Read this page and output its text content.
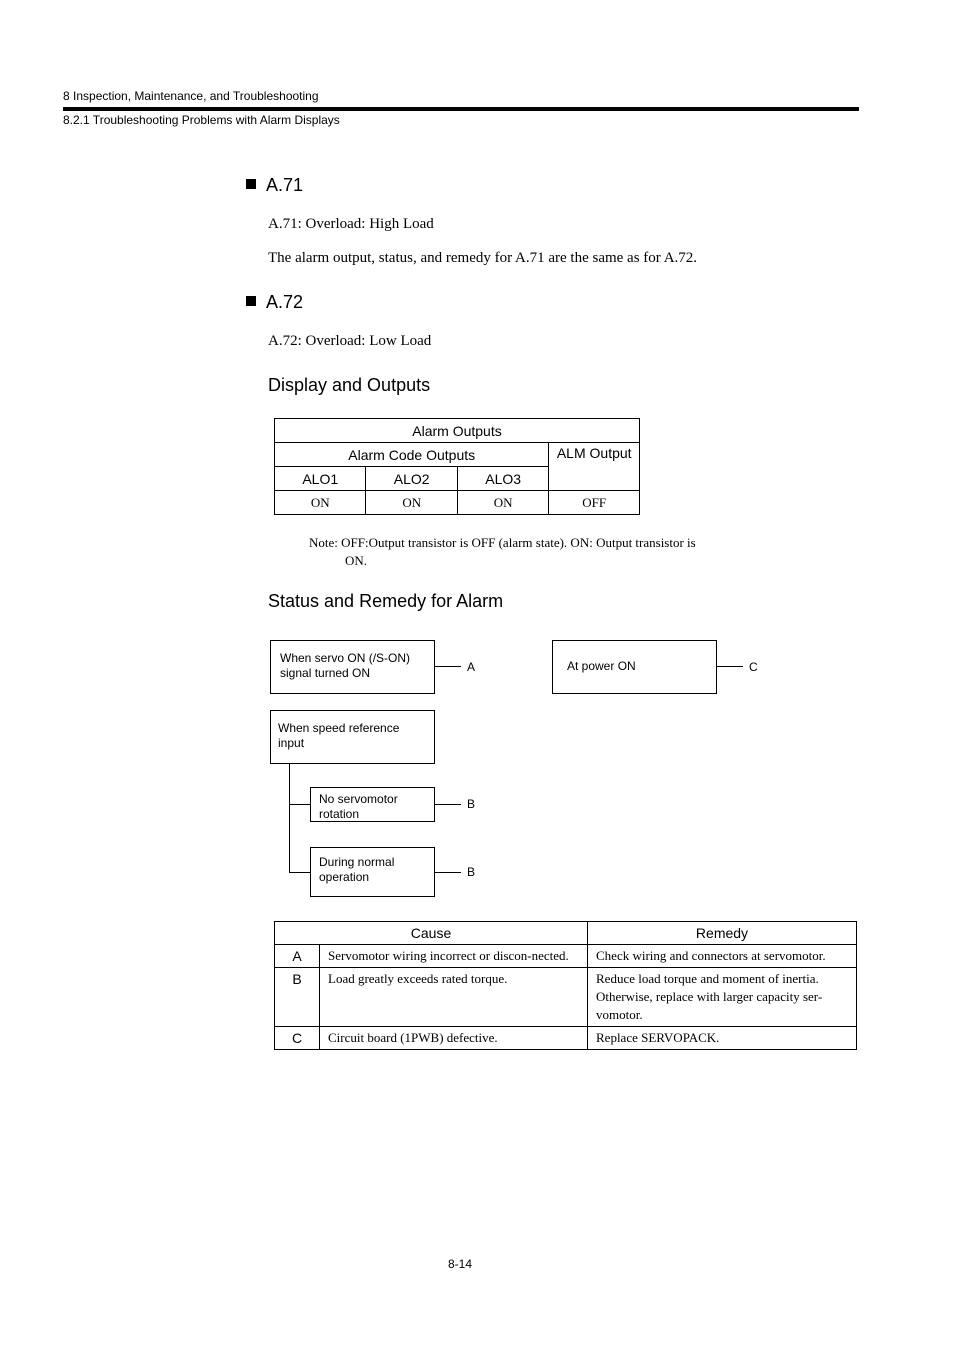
8 Inspection, Maintenance, and Troubleshooting
8.2.1 Troubleshooting Problems with Alarm Displays
A.71
A.71: Overload: High Load
The alarm output, status, and remedy for A.71 are the same as for A.72.
A.72
A.72: Overload: Low Load
Display and Outputs
Alarm Outputs			
Alarm Code Outputs			ALM Output
ALO1	ALO2	ALO3	
ON	ON	ON	OFF
Note: OFF:Output transistor is OFF (alarm state). ON: Output transistor is
ON.
Status and Remedy for Alarm
When servo ON (/S-ON) signal turned ON	A	At power ON	C
When speed reference input
No servomotor rotation
B
During normal operation	B
Cause		Remedy
A	Servomotor wiring incorrect or discon-nected.	Check wiring and connectors at servomotor.
B	Load greatly exceeds rated torque.	Reduce load torque and moment of inertia. Otherwise, replace with larger capacity ser-vomotor.
C	Circuit board (1PWB) defective.	Replace SERVOPACK.
8-14
